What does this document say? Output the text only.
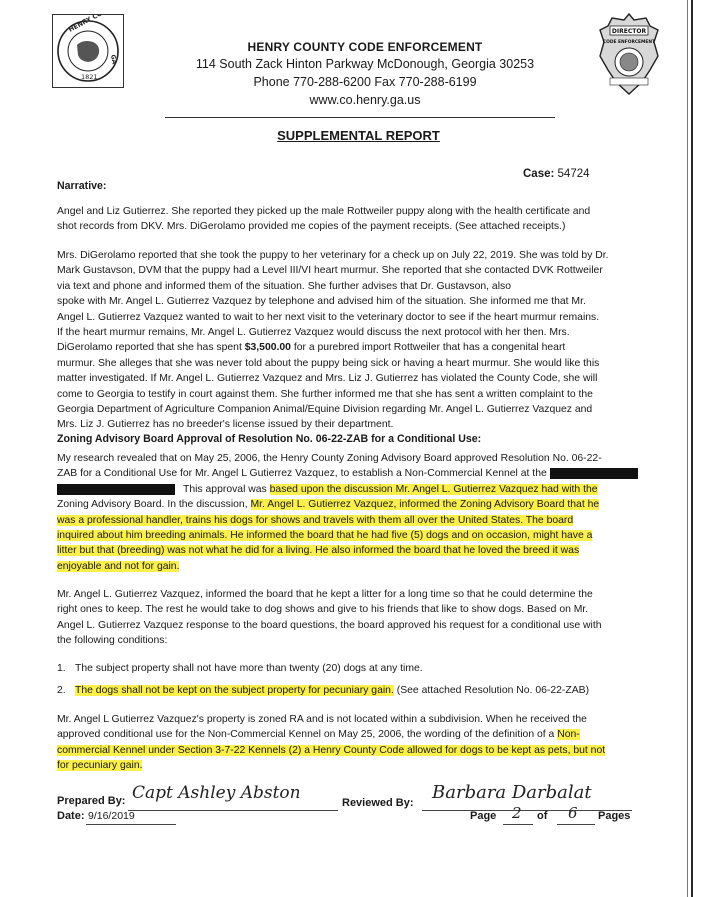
HENRY COUNTY
GA
1821
DIRECTOR
CODE ENFORCEMENT
HENRY COUNTY CODE ENFORCEMENT
114 South Zack Hinton Parkway McDonough, Georgia 30253
Phone 770-288-6200 Fax 770-288-6199
www.co.henry.ga.us
SUPPLEMENTAL REPORT
Case: 54724
Narrative:
Angel and Liz Gutierrez. She reported they picked up the male Rottweiler puppy along with the health certificate and
shot records from DKV. Mrs. DiGerolamo provided me copies of the payment receipts. (See attached receipts.)
Mrs. DiGerolamo reported that she took the puppy to her veterinary for a check up on July 22, 2019. She was told by Dr.
Mark Gustavson, DVM that the puppy had a Level III/VI heart murmur. She reported that she contacted DVK Rottweiler
via text and phone and informed them of the situation. She further advises that Dr. Gustavson, also
spoke with Mr. Angel L. Gutierrez Vazquez by telephone and advised him of the situation. She informed me that Mr.
Angel L. Gutierrez Vazquez wanted to wait to her next visit to the veterinary doctor to see if the heart murmur remains.
If the heart murmur remains, Mr. Angel L. Gutierrez Vazquez would discuss the next protocol with her then. Mrs.
DiGerolamo reported that she has spent $3,500.00 for a purebred import Rottweiler that has a congenital heart
murmur. She alleges that she was never told about the puppy being sick or having a heart murmur. She would like this
matter investigated. If Mr. Angel L. Gutierrez Vazquez and Mrs. Liz J. Gutierrez has violated the County Code, she will
come to Georgia to testify in court against them. She further informed me that she has sent a written complaint to the
Georgia Department of Agriculture Companion Animal/Equine Division regarding Mr. Angel L. Gutierrez Vazquez and
Mrs. Liz J. Gutierrez has no breeder's license issued by their department.
Zoning Advisory Board Approval of Resolution No. 06-22-ZAB for a Conditional Use:
My research revealed that on May 25, 2006, the Henry County Zoning Advisory Board approved Resolution No. 06-22-
ZAB for a Conditional Use for Mr. Angel L Gutierrez Vazquez, to establish a Non-Commercial Kennel at the
This approval was based upon the discussion Mr. Angel L. Gutierrez Vazquez had with the
Zoning Advisory Board. In the discussion, Mr. Angel L. Gutierrez Vazquez, informed the Zoning Advisory Board that he
was a professional handler, trains his dogs for shows and travels with them all over the United States. The board
inquired about him breeding animals. He informed the board that he had five (5) dogs and on occasion, might have a
litter but that (breeding) was not what he did for a living. He also informed the board that he loved the breed it was
enjoyable and not for gain.
Mr. Angel L. Gutierrez Vazquez, informed the board that he kept a litter for a long time so that he could determine the
right ones to keep. The rest he would take to dog shows and give to his friends that like to show dogs. Based on Mr.
Angel L. Gutierrez Vazquez response to the board questions, the board approved his request for a conditional use with
the following conditions:
1. The subject property shall not have more than twenty (20) dogs at any time.
2. The dogs shall not be kept on the subject property for pecuniary gain. (See attached Resolution No. 06-22-ZAB)
Mr. Angel L Gutierrez Vazquez's property is zoned RA and is not located within a subdivision. When he received the
approved conditional use for the Non-Commercial Kennel on May 25, 2006, the wording of the definition of a Non-
commercial Kennel under Section 3-7-22 Kennels (2) a Henry County Code allowed for dogs to be kept as pets, but not
for pecuniary gain.
Prepared By: Capt Ashley Abston	Reviewed By: Barbara Darbalat
Date: 9/16/2019	Page 2 of 6 Pages
